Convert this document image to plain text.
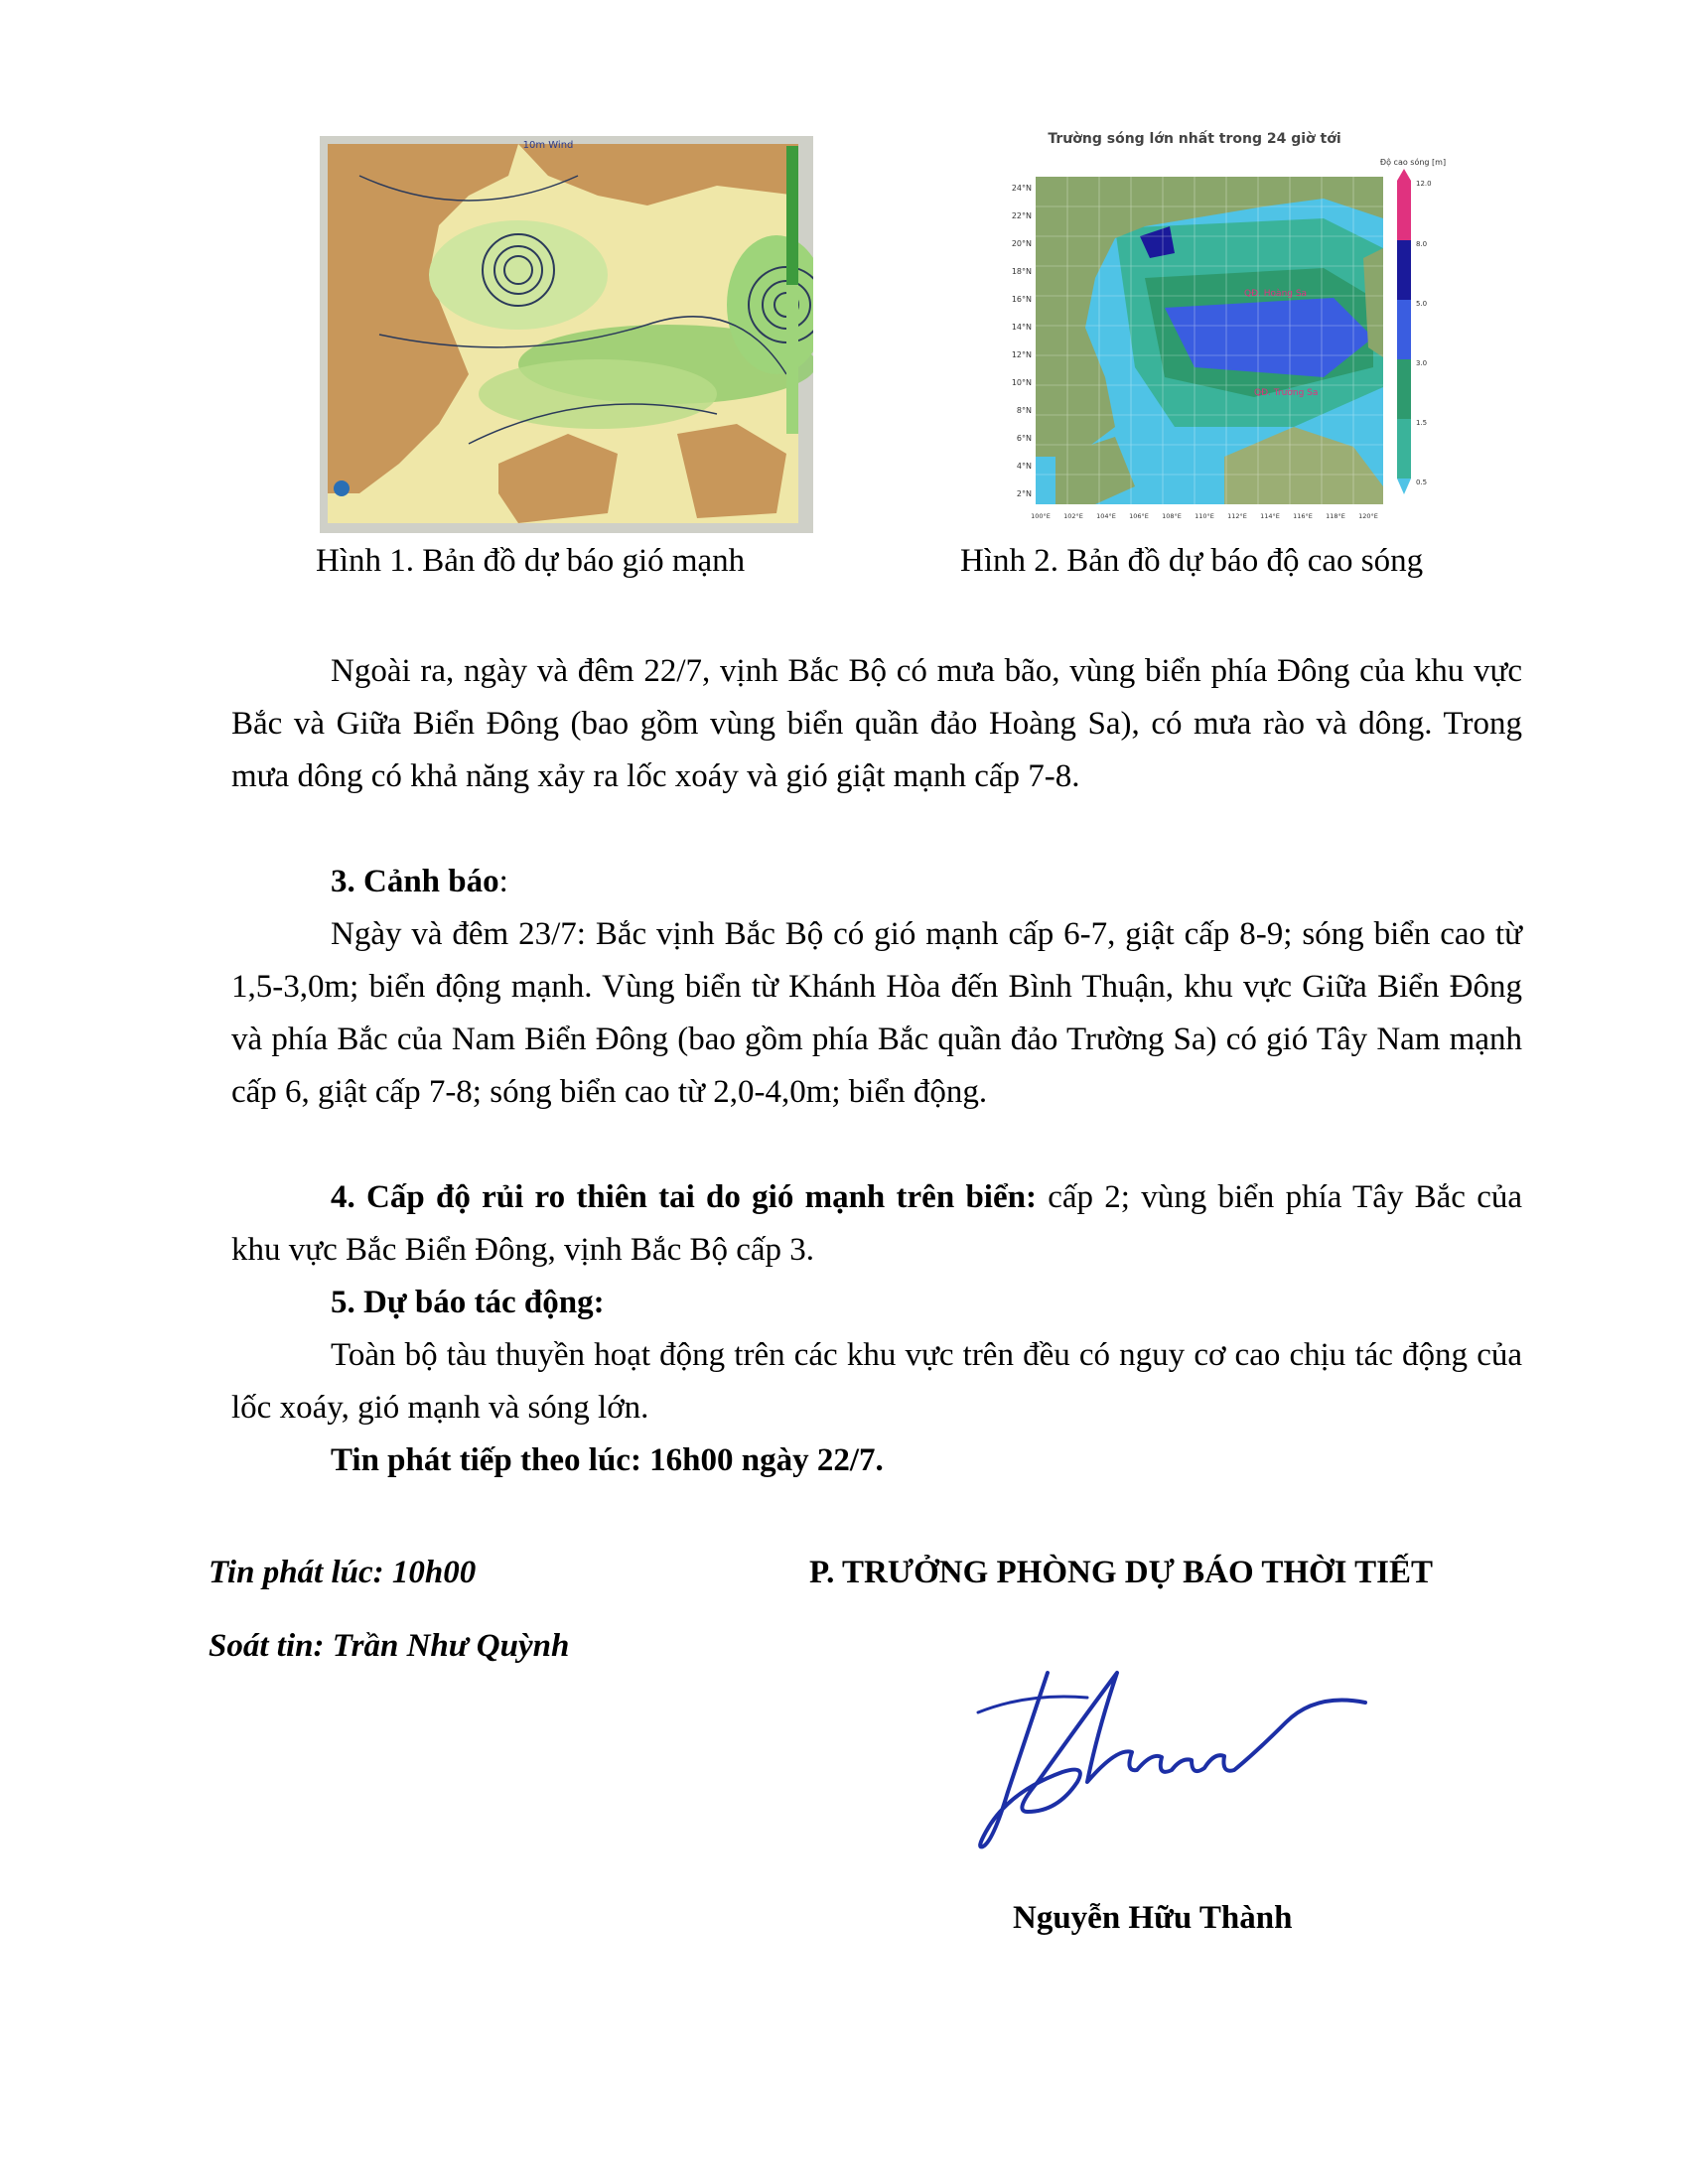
10m Wind	Trường sóng lớn nhất trong 24 giờ tới
Độ cao sóng [m]
QĐ. Hoàng Sa
QĐ. Trường Sa
24°N
22°N
20°N
18°N
16°N
14°N
12°N
10°N
8°N
6°N
4°N
2°N
100°E 102°E 104°E 106°E 108°E 110°E 112°E 114°E 116°E 118°E 120°E
12.0
8.0
5.0
3.0
1.5
0.5
Hình 1. Bản đồ dự báo gió mạnh	Hình 2. Bản đồ dự báo độ cao sóng
Ngoài ra, ngày và đêm 22/7, vịnh Bắc Bộ có mưa bão, vùng biển phía Đông của khu vực Bắc và Giữa Biển Đông (bao gồm vùng biển quần đảo Hoàng Sa), có mưa rào và dông. Trong mưa dông có khả năng xảy ra lốc xoáy và gió giật mạnh cấp 7-8.
3. Cảnh báo:
Ngày và đêm 23/7: Bắc vịnh Bắc Bộ có gió mạnh cấp 6-7, giật cấp 8-9; sóng biển cao từ 1,5-3,0m; biển động mạnh. Vùng biển từ Khánh Hòa đến Bình Thuận, khu vực Giữa Biển Đông và phía Bắc của Nam Biển Đông (bao gồm phía Bắc quần đảo Trường Sa) có gió Tây Nam mạnh cấp 6, giật cấp 7-8; sóng biển cao từ 2,0-4,0m; biển động.
4. Cấp độ rủi ro thiên tai do gió mạnh trên biển: cấp 2; vùng biển phía Tây Bắc của khu vực Bắc Biển Đông, vịnh Bắc Bộ cấp 3.
5. Dự báo tác động:
Toàn bộ tàu thuyền hoạt động trên các khu vực trên đều có nguy cơ cao chịu tác động của lốc xoáy, gió mạnh và sóng lớn.
Tin phát tiếp theo lúc: 16h00 ngày 22/7.
Tin phát lúc: 10h00
Soát tin: Trần Như Quỳnh
P. TRƯỞNG PHÒNG DỰ BÁO THỜI TIẾT
Nguyễn Hữu Thành
